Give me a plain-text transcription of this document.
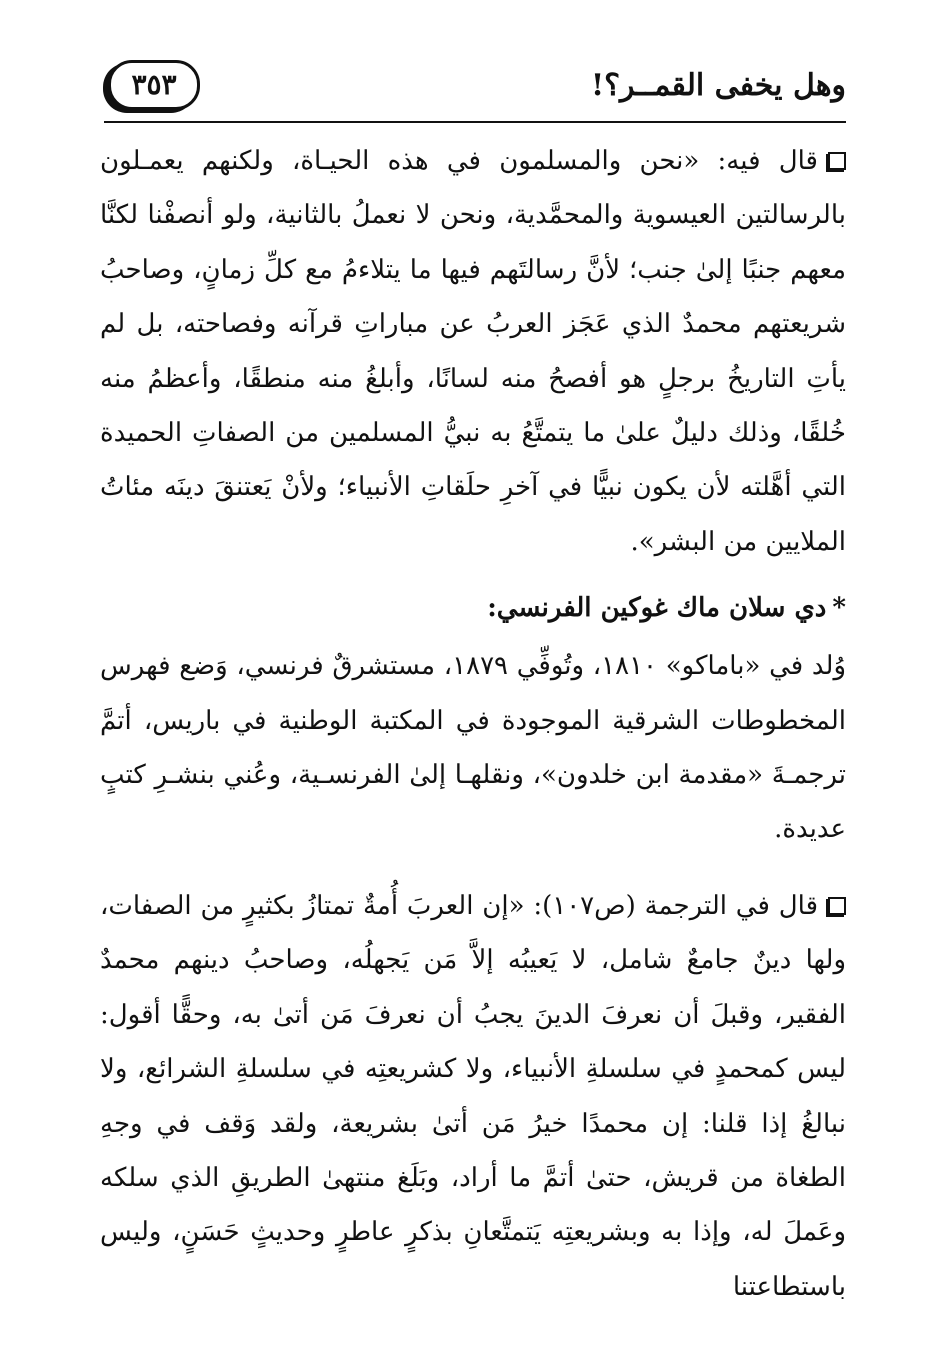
وهل يخفى القمــر؟!
٣٥٣

قال فيه: «نحن والمسلمون في هذه الحيـاة، ولكنهم يعمـلون بالرسالتين العيسوية والمحمَّدية، ونحن لا نعملُ بالثانية، ولو أنصفْنا لكنَّا معهم جنبًا إلىٰ جنب؛ لأنَّ رسالتَهم فيها ما يتلاءمُ مع كلِّ زمانٍ، وصاحبُ شريعتهم محمدٌ الذي عَجَز العربُ عن مباراتِ قرآنه وفصاحته، بل لم يأتِ التاريخُ برجلٍ هو أفصحُ منه لسانًا، وأبلغُ منه منطقًا، وأعظمُ منه خُلقًا، وذلك دليلٌ علىٰ ما يتمتَّعُ به نبيُّ المسلمين من الصفاتِ الحميدة التي أهَّلته لأن يكون نبيًّا في آخرِ حلَقاتِ الأنبياء؛ ولأنْ يَعتنقَ دينَه مئاتُ الملايين من البشر».

*دي سلان ماك غوكين الفرنسي:

وُلد في «باماكو» ١٨١٠، وتُوفِّي ١٨٧٩، مستشرقٌ فرنسي، وَضع فهرس المخطوطات الشرقية الموجودة في المكتبة الوطنية في باريس، أتمَّ ترجمـةَ «مقدمة ابن خلدون»، ونقلهـا إلىٰ الفرنسـية، وعُني بنشـرِ كتبٍ عديدة.

قال في الترجمة (ص١٠٧): «إن العربَ أُمةٌ تمتازُ بكثيرٍ من الصفات، ولها دينٌ جامعٌ شامل، لا يَعيبُه إلاَّ مَن يَجهلُه، وصاحبُ دينهم محمدٌ الفقير، وقبلَ أن نعرفَ الدينَ يجبُ أن نعرفَ مَن أتىٰ به، وحقًّا أقول: ليس كمحمدٍ في سلسلةِ الأنبياء، ولا كشريعتِه في سلسلةِ الشرائع، ولا نبالغُ إذا قلنا: إن محمدًا خيرُ مَن أتىٰ بشريعة، ولقد وَقف في وجهِ الطغاة من قريش، حتىٰ أتمَّ ما أراد، وبَلَغ منتهىٰ الطريقِ الذي سلكه وعَملَ له، وإذا به وبشريعتِه يَتمتَّعانِ بذكرٍ عاطرٍ وحديثٍ حَسَنٍ، وليس باستطاعتنا
